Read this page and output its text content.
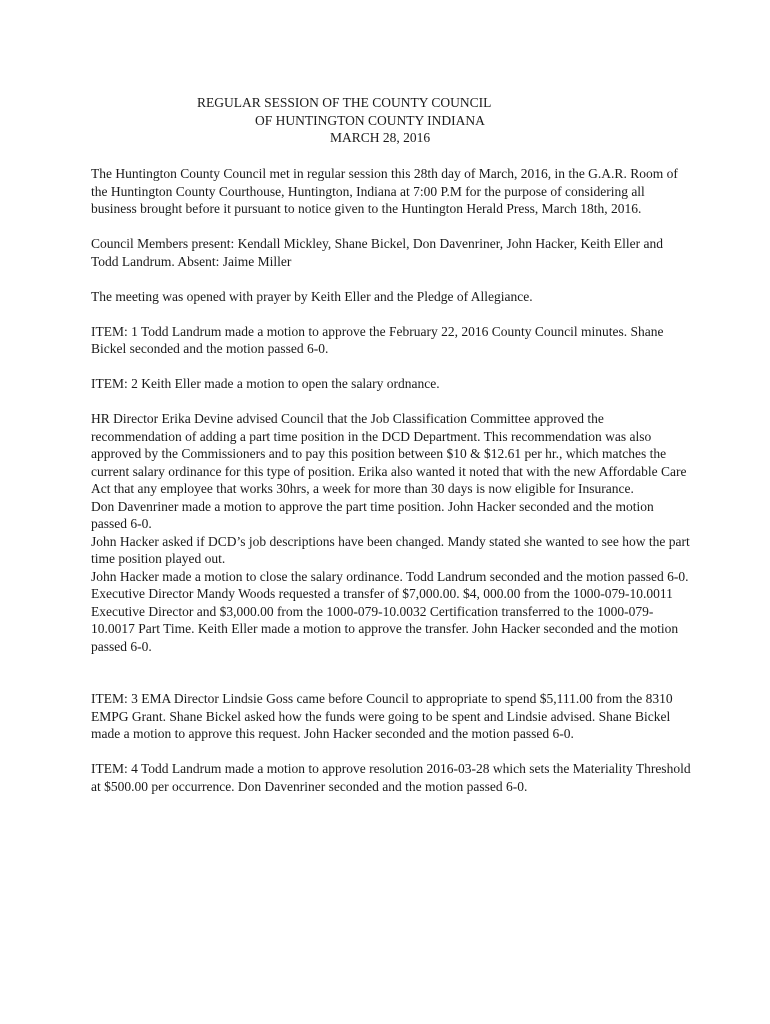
REGULAR SESSION OF THE COUNTY COUNCIL
OF HUNTINGTON COUNTY INDIANA
MARCH 28, 2016

The Huntington County Council met in regular session this 28th day of March, 2016, in the G.A.R. Room of the Huntington County Courthouse, Huntington, Indiana at 7:00 P.M for the purpose of considering all business brought before it pursuant to notice given to the Huntington Herald Press, March 18th, 2016.

Council Members present: Kendall Mickley, Shane Bickel, Don Davenriner, John Hacker, Keith Eller and Todd Landrum. Absent: Jaime Miller

The meeting was opened with prayer by Keith Eller and the Pledge of Allegiance.

ITEM: 1 Todd Landrum made a motion to approve the February 22, 2016 County Council minutes. Shane Bickel seconded and the motion passed 6-0.

ITEM: 2 Keith Eller made a motion to open the salary ordnance.

HR Director Erika Devine advised Council that the Job Classification Committee approved the recommendation of adding a part time position in the DCD Department. This recommendation was also approved by the Commissioners and to pay this position between $10 & $12.61 per hr., which matches the current salary ordinance for this type of position. Erika also wanted it noted that with the new Affordable Care Act that any employee that works 30hrs, a week for more than 30 days is now eligible for Insurance.

Don Davenriner made a motion to approve the part time position. John Hacker seconded and the motion passed 6-0.

John Hacker asked if DCD’s job descriptions have been changed. Mandy stated she wanted to see how the part time position played out.

John Hacker made a motion to close the salary ordinance. Todd Landrum seconded and the motion passed 6-0.

Executive Director Mandy Woods requested a transfer of $7,000.00. $4, 000.00 from the 1000-079-10.0011 Executive Director and $3,000.00 from the 1000-079-10.0032 Certification transferred to the 1000-079-10.0017 Part Time. Keith Eller made a motion to approve the transfer. John Hacker seconded and the motion passed 6-0.

ITEM: 3 EMA Director Lindsie Goss came before Council to appropriate to spend $5,111.00 from the 8310 EMPG Grant. Shane Bickel asked how the funds were going to be spent and Lindsie advised. Shane Bickel made a motion to approve this request. John Hacker seconded and the motion passed 6-0.

ITEM: 4 Todd Landrum made a motion to approve resolution 2016-03-28 which sets the Materiality Threshold at $500.00 per occurrence. Don Davenriner seconded and the motion passed 6-0.
